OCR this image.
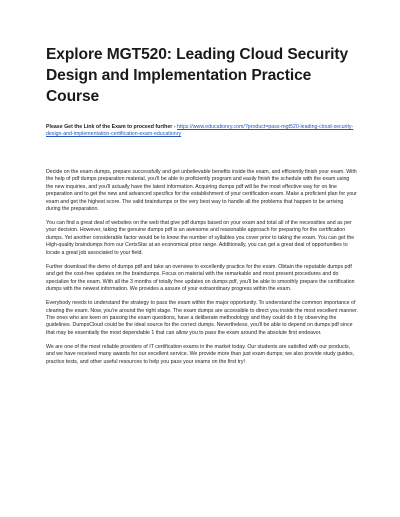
Explore MGT520: Leading Cloud Security Design and Implementation Practice Course

Please Get the Link of the Exam to proceed further - https://www.educationry.com/?product=pass-mgt520-leading-cloud-security-design-and-implementation-certification-exam-educationry

Decide on the exam dumps, prepare successfully and get unbelievable benefits inside the exam, and efficiently finish your exam. With the help of pdf dumps preparation material, you'll be able to proficiently program and easily finish the schedule with the exam using the new inquiries, and you'll actually have the latest information. Acquiring dumps pdf will be the most effective way for on line preparation and to get the new and advanced specifics for the establishment of your certification exam. Make a proficient plan for your exam and get the highest score. The valid braindumps or the very best way to handle all the problems that happen to be arriving during the preparation.

You can find a great deal of websites on the web that give pdf dumps based on your exam and total all of the necessities and as per your decision. However, taking the genuine dumps pdf is an awesome and reasonable approach for preparing for the certification dumps. Yet another considerable factor would be to know the number of syllables you cover prior to taking the exam. You can get the High-quality braindumps from our CertsStar at an economical price range. Additionally, you can get a great deal of opportunities to locate a great job associated to your field.

Further download the demo of dumps pdf and take an overview to excellently practice for the exam. Obtain the reputable dumps pdf and get the cost-free updates on the braindumps. Focus on material with the remarkable and most present procedures and do specialize for the exam. With all the 3 months of totally free updates on dumps pdf, you'll be able to smoothly prepare the certification dumps with the newest information. We provides a assure of your extraordinary progress within the exam.

Everybody needs to understand the strategy to pass the exam within the major opportunity. To understand the common importance of clearing the exam. Now, you're around the right stage. The exam dumps are accessible to direct you inside the most excellent manner. The ones who are keen on passing the exam questions, have a deliberate methodology and they could do it by observing the guidelines. DumpsCloud could be the ideal source for the correct dumps. Nevertheless, you'll be able to depend on dumps pdf since that may be essentially the most dependable 1 that can allow you to pass the exam around the absolute first endeavor.

We are one of the most reliable providers of IT certification exams in the market today. Our students are satisfied with our products, and we have received many awards for our excellent service. We provide more than just exam dumps; we also provide study guides, practice tests, and other useful resources to help you pass your exams on the first try!
